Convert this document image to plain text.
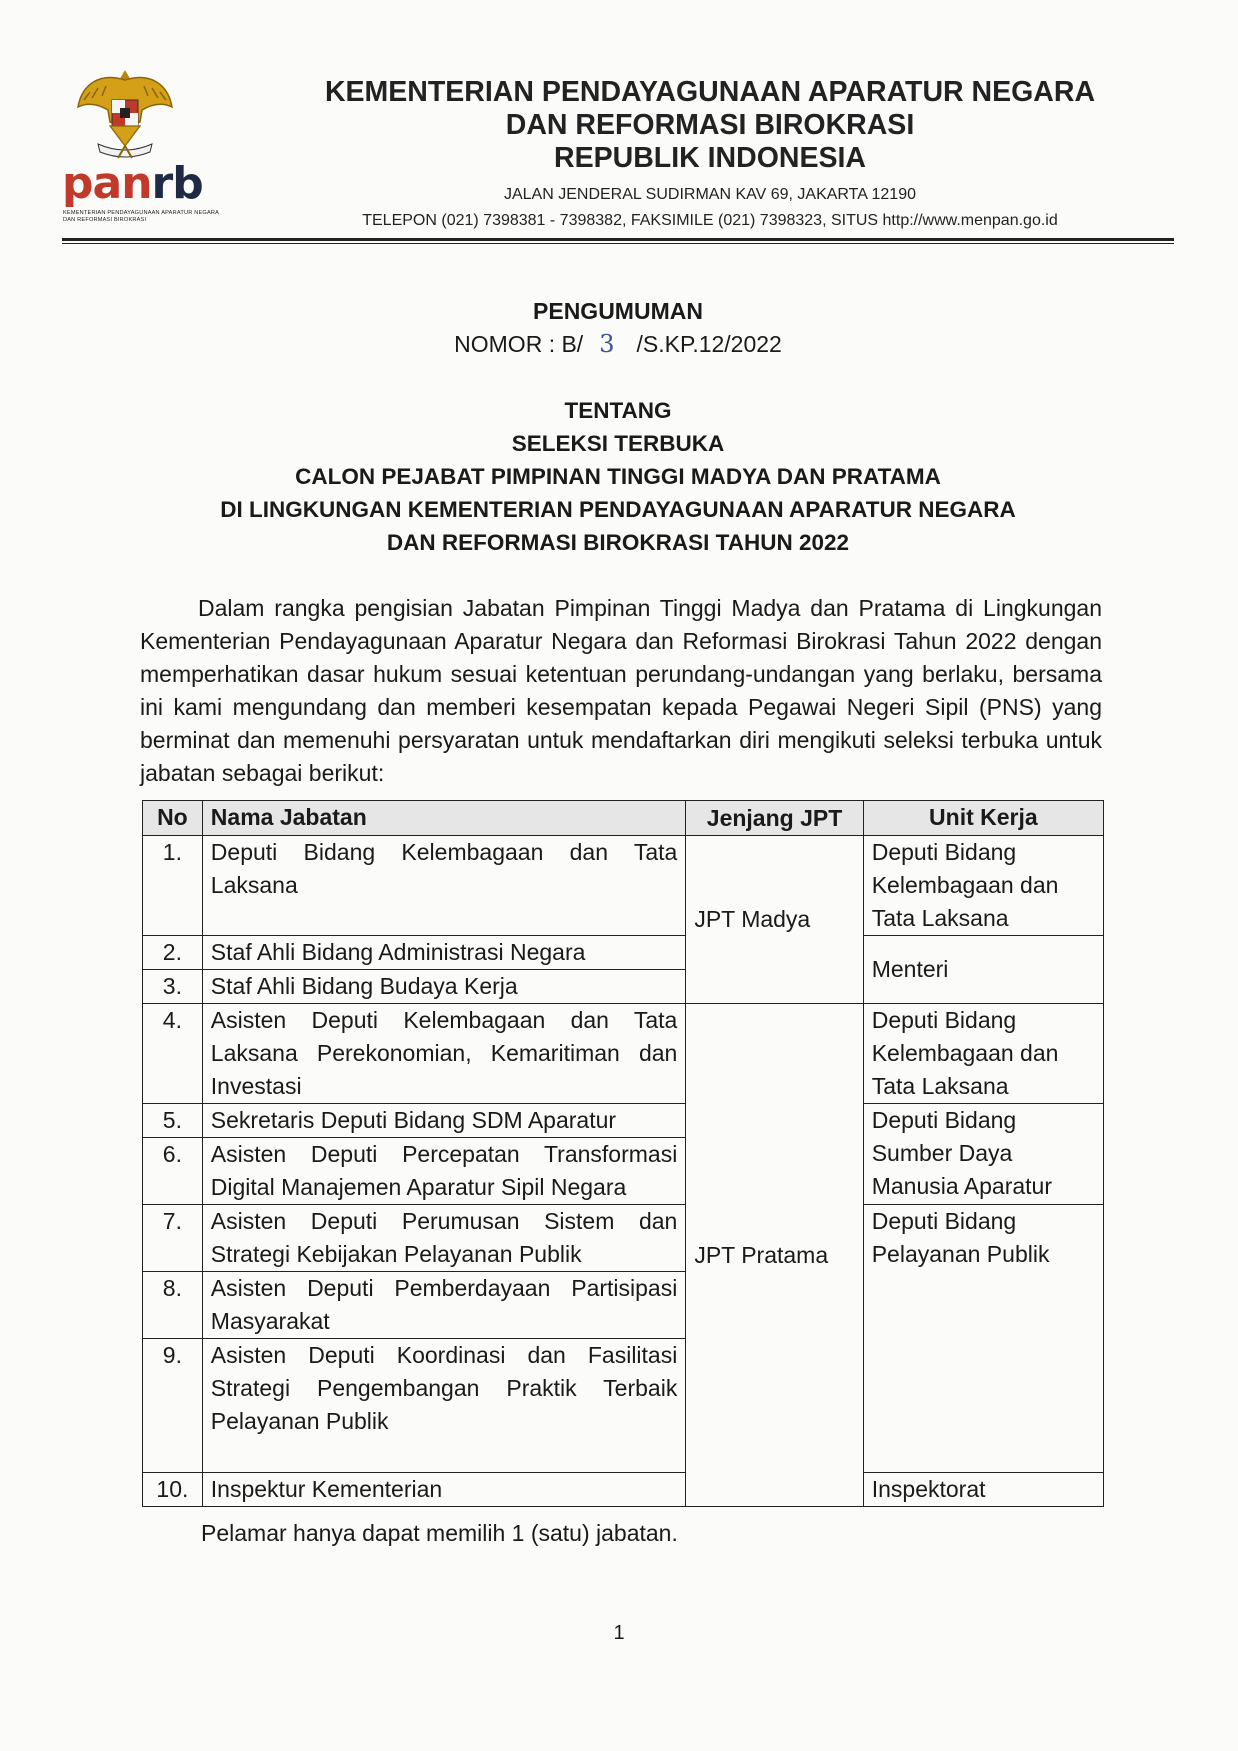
panrb
KEMENTERIAN PENDAYAGUNAAN APARATUR NEGARA DAN REFORMASI BIROKRASI
KEMENTERIAN PENDAYAGUNAAN APARATUR NEGARA
DAN REFORMASI BIROKRASI
REPUBLIK INDONESIA
JALAN JENDERAL SUDIRMAN KAV 69, JAKARTA 12190
TELEPON (021) 7398381 - 7398382, FAKSIMILE (021) 7398323, SITUS http://www.menpan.go.id
PENGUMUMAN
NOMOR : B/ 3 /S.KP.12/2022
TENTANG
SELEKSI TERBUKA
CALON PEJABAT PIMPINAN TINGGI MADYA DAN PRATAMA
DI LINGKUNGAN KEMENTERIAN PENDAYAGUNAAN APARATUR NEGARA
DAN REFORMASI BIROKRASI TAHUN 2022

Dalam rangka pengisian Jabatan Pimpinan Tinggi Madya dan Pratama di Lingkungan Kementerian Pendayagunaan Aparatur Negara dan Reformasi Birokrasi Tahun 2022 dengan memperhatikan dasar hukum sesuai ketentuan perundang-undangan yang berlaku, bersama ini kami mengundang dan memberi kesempatan kepada Pegawai Negeri Sipil (PNS) yang berminat dan memenuhi persyaratan untuk mendaftarkan diri mengikuti seleksi terbuka untuk jabatan sebagai berikut:

No	Nama Jabatan	Jenjang JPT	Unit Kerja
1.	Deputi Bidang Kelembagaan dan Tata Laksana	JPT Madya	Deputi Bidang Kelembagaan dan Tata Laksana
2.	Staf Ahli Bidang Administrasi Negara		Menteri
3.	Staf Ahli Bidang Budaya Kerja		
4.	Asisten Deputi Kelembagaan dan Tata Laksana Perekonomian, Kemaritiman dan Investasi	JPT Pratama	Deputi Bidang Kelembagaan dan Tata Laksana
5.	Sekretaris Deputi Bidang SDM Aparatur		Deputi Bidang Sumber Daya Manusia Aparatur
6.	Asisten Deputi Percepatan Transformasi Digital Manajemen Aparatur Sipil Negara		
7.	Asisten Deputi Perumusan Sistem dan Strategi Kebijakan Pelayanan Publik		Deputi Bidang Pelayanan Publik
8.	Asisten Deputi Pemberdayaan Partisipasi Masyarakat		
9.	Asisten Deputi Koordinasi dan Fasilitasi Strategi Pengembangan Praktik Terbaik Pelayanan Publik		
10.	Inspektur Kementerian		Inspektorat
Pelamar hanya dapat memilih 1 (satu) jabatan.
1
